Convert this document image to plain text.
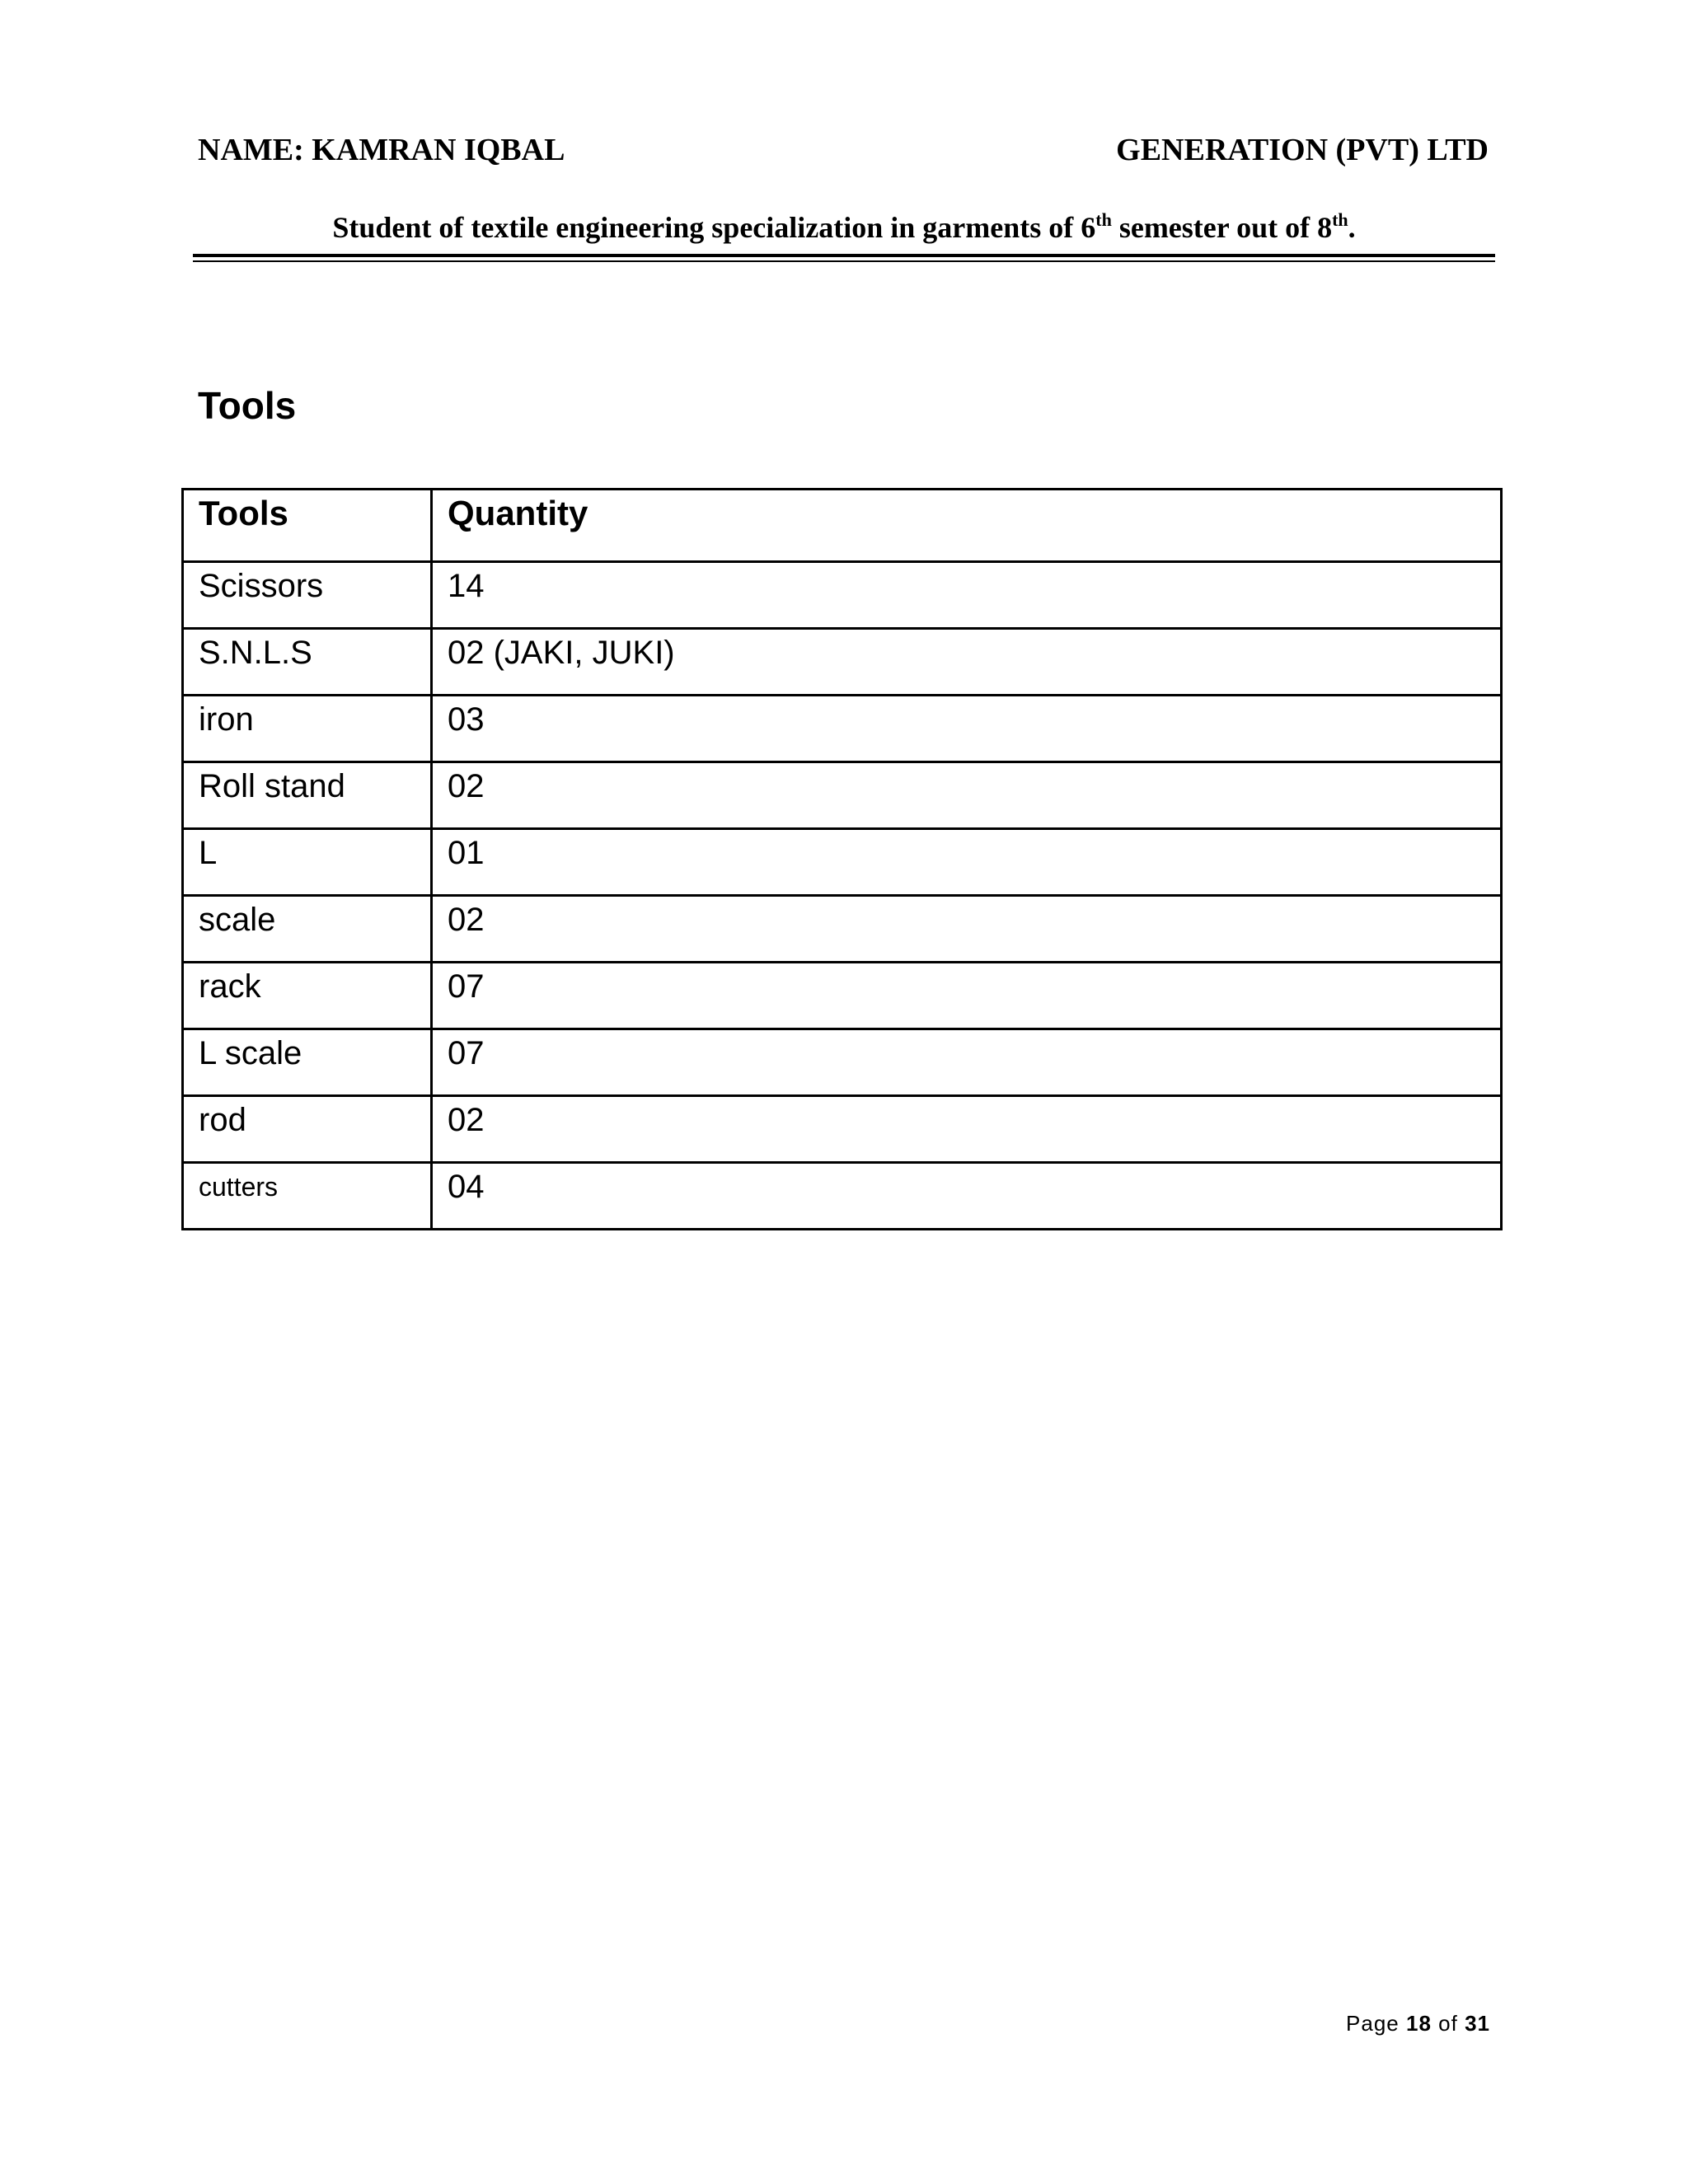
NAME: KAMRAN IQBAL	GENERATION (PVT) LTD
Student of textile engineering specialization in garments of 6th semester out of 8th.
Tools
Tools	Quantity
Scissors	14
S.N.L.S	02 (JAKI, JUKI)
iron	03
Roll stand	02
L	01
scale	02
rack	07
L scale	07
rod	02
cutters	04
Page 18 of 31
